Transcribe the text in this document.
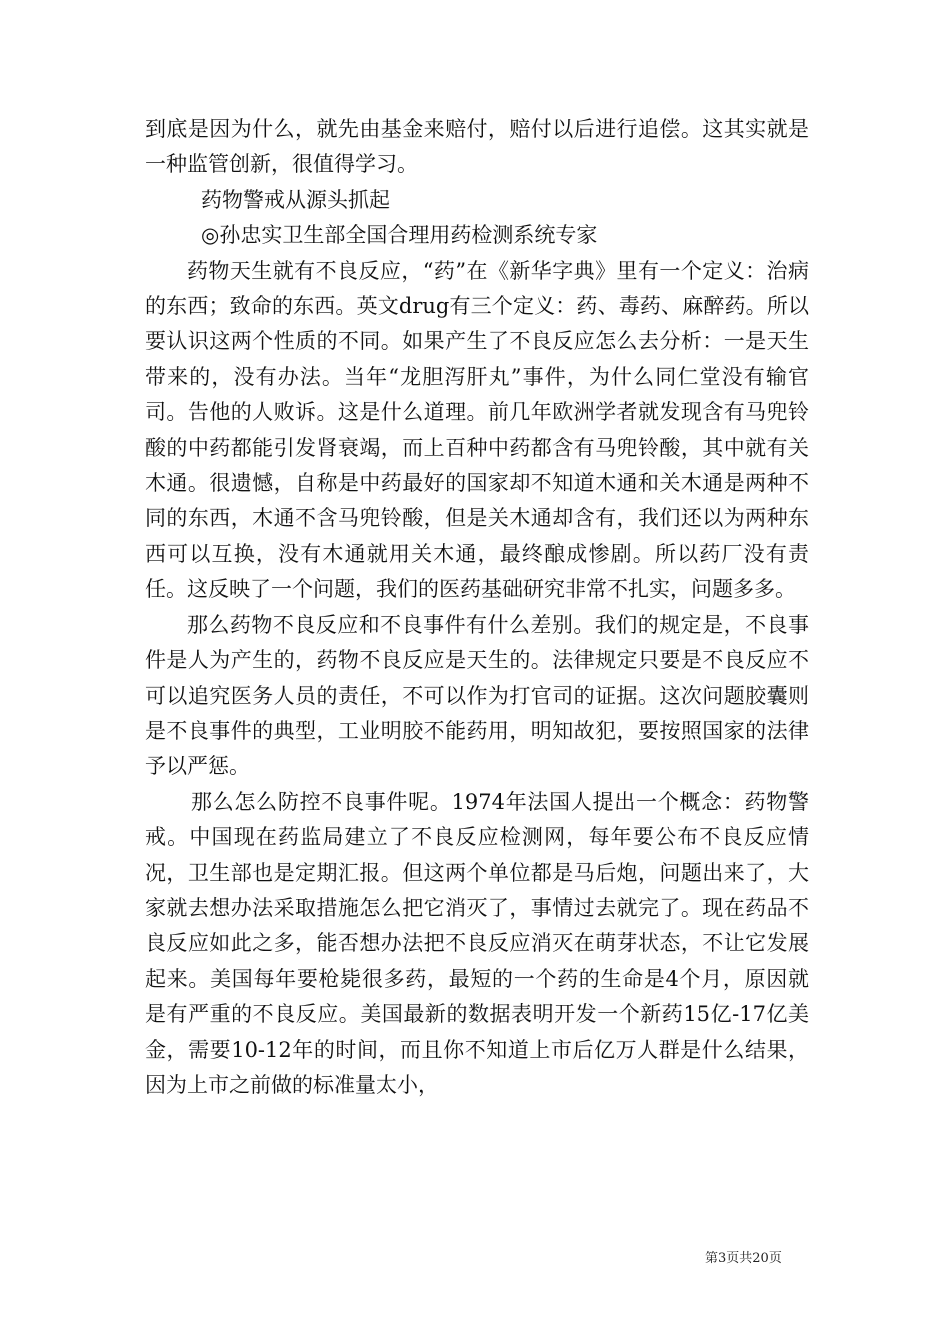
到底是因为什么，就先由基金来赔付，赔付以后进行追偿。这其实就是一种监管创新，很值得学习。

药物警戒从源头抓起

◎孙忠实卫生部全国合理用药检测系统专家

药物天生就有不良反应，“药”在《新华字典》里有一个定义：治病的东西；致命的东西。英文drug有三个定义：药、毒药、麻醉药。所以要认识这两个性质的不同。如果产生了不良反应怎么去分析：一是天生带来的，没有办法。当年“龙胆泻肝丸”事件，为什么同仁堂没有输官司。告他的人败诉。这是什么道理。前几年欧洲学者就发现含有马兜铃酸的中药都能引发肾衰竭，而上百种中药都含有马兜铃酸，其中就有关木通。很遗憾，自称是中药最好的国家却不知道木通和关木通是两种不同的东西，木通不含马兜铃酸，但是关木通却含有，我们还以为两种东西可以互换，没有木通就用关木通，最终酿成惨剧。所以药厂没有责任。这反映了一个问题，我们的医药基础研究非常不扎实，问题多多。

那么药物不良反应和不良事件有什么差别。我们的规定是，不良事件是人为产生的，药物不良反应是天生的。法律规定只要是不良反应不可以追究医务人员的责任，不可以作为打官司的证据。这次问题胶囊则是不良事件的典型，工业明胶不能药用，明知故犯，要按照国家的法律予以严惩。

那么怎么防控不良事件呢。1974年法国人提出一个概念：药物警戒。中国现在药监局建立了不良反应检测网，每年要公布不良反应情况，卫生部也是定期汇报。但这两个单位都是马后炮，问题出来了，大家就去想办法采取措施怎么把它消灭了，事情过去就完了。现在药品不良反应如此之多，能否想办法把不良反应消灭在萌芽状态，不让它发展起来。美国每年要枪毙很多药，最短的一个药的生命是4个月，原因就是有严重的不良反应。美国最新的数据表明开发一个新药15亿-17亿美金，需要10-12年的时间，而且你不知道上市后亿万人群是什么结果，因为上市之前做的标准量太小，

第3页共20页
